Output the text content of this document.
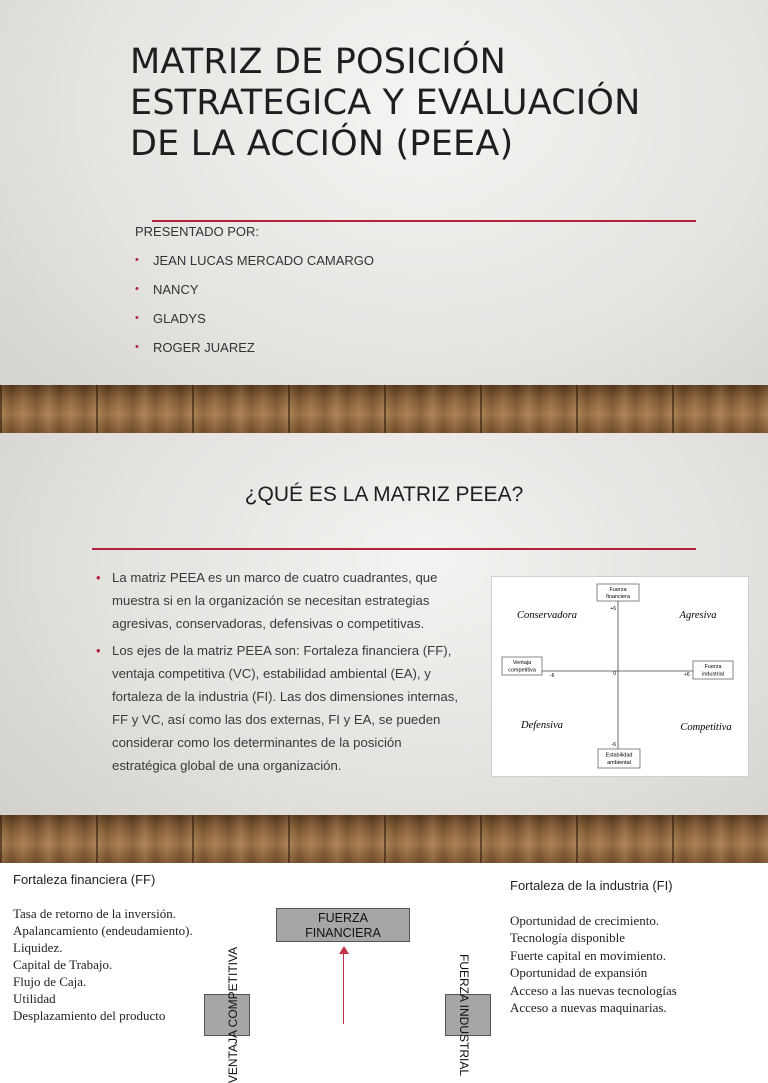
MATRIZ DE POSICIÓN ESTRATEGICA Y EVALUACIÓN DE LA ACCIÓN (PEEA)
PRESENTADO POR:
• JEAN LUCAS MERCADO CAMARGO
• NANCY
• GLADYS
• ROGER JUAREZ
¿QUÉ ES LA MATRIZ PEEA?
• La matriz PEEA es un marco de cuatro cuadrantes, que muestra si en la organización se necesitan estrategias agresivas, conservadoras, defensivas o competitivas.
• Los ejes de la matriz PEEA son: Fortaleza financiera (FF), ventaja competitiva (VC), estabilidad ambiental (EA), y fortaleza de la industria (FI). Las dos dimensiones internas, FF y VC, así como las dos externas, FI y EA, se pueden considerar como los determinantes de la posición estratégica global de una organización.
Fuerza
financiera
Ventaja
competitiva
Fuerza
industrial
Estabilidad
ambiental
Conservadora	Agresiva
Defensiva	Competitiva
+6
-6	0	+6
-6
Fortaleza financiera (FF)
Tasa de retorno de la inversión.
Apalancamiento (endeudamiento).
Liquidez.
Capital de Trabajo.
Flujo de Caja.
Utilidad
Desplazamiento del producto
FUERZA
FINANCIERA
VENTAJA COMPETITIVA	FUERZA INDUSTRIAL
Fortaleza de la industria (FI)
Oportunidad de crecimiento.
Tecnología disponible
Fuerte capital en movimiento.
Oportunidad de expansión
Acceso a las nuevas tecnologías
Acceso a nuevas maquinarias.
